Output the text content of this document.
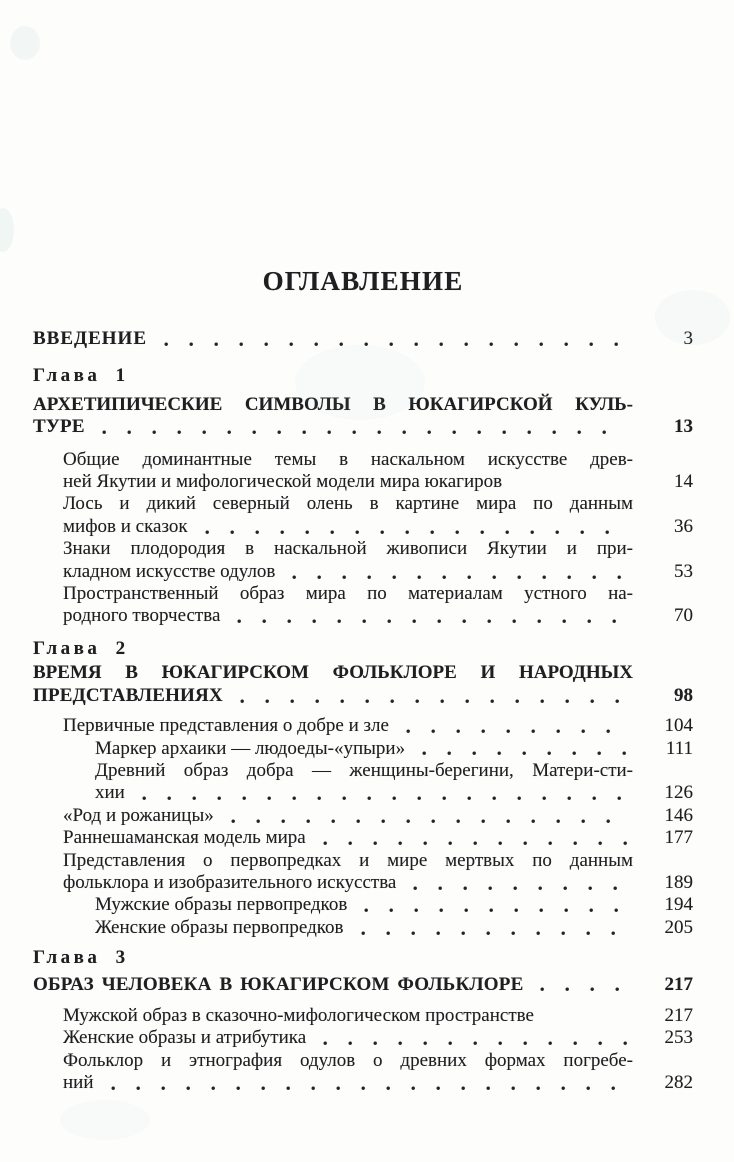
ОГЛАВЛЕНИЕ
ВВЕДЕНИЕ	3
Глава 1
АРХЕТИПИЧЕСКИЕ СИМВОЛЫ В ЮКАГИРСКОЙ КУЛЬ-
ТУРЕ	13
Общие доминантные темы в наскальном искусстве древ-
ней Якутии и мифологической модели мира юкагиров	14
Лось и дикий северный олень в картине мира по данным
мифов и сказок	36
Знаки плодородия в наскальной живописи Якутии и при-
кладном искусстве одулов	53
Пространственный образ мира по материалам устного на-
родного творчества	70
Глава 2
ВРЕМЯ В ЮКАГИРСКОМ ФОЛЬКЛОРЕ И НАРОДНЫХ
ПРЕДСТАВЛЕНИЯХ	98
Первичные представления о добре и зле	104
Маркер архаики — людоеды-«упыри»	111
Древний образ добра — женщины-берегини, Матери-сти-
хии	126
«Род и рожаницы»	146
Раннешаманская модель мира	177
Представления о первопредках и мире мертвых по данным
фольклора и изобразительного искусства	189
Мужские образы первопредков	194
Женские образы первопредков	205
Глава 3
ОБРАЗ ЧЕЛОВЕКА В ЮКАГИРСКОМ ФОЛЬКЛОРЕ	217
Мужской образ в сказочно-мифологическом пространстве	217
Женские образы и атрибутика	253
Фольклор и этнография одулов о древних формах погребе-
ний	282
